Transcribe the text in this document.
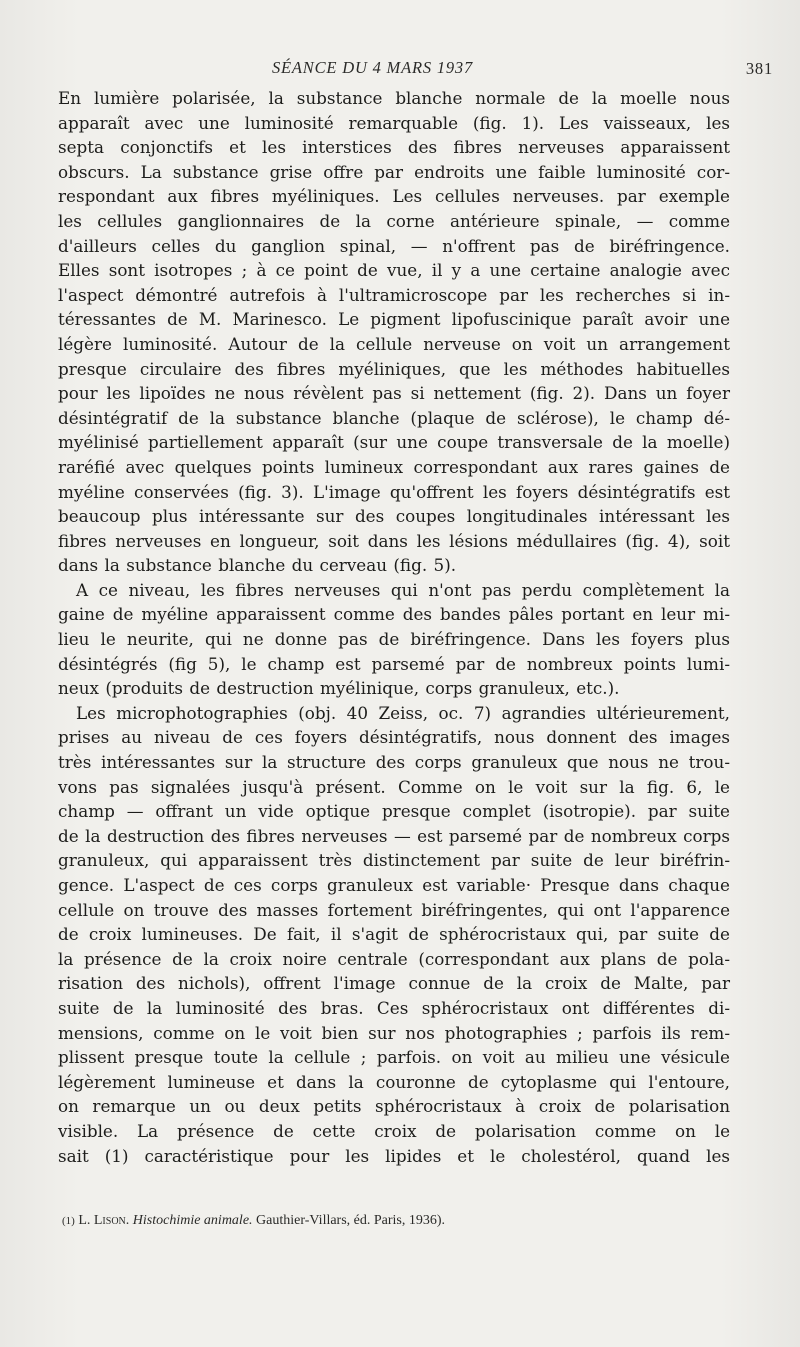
SÉANCE DU 4 MARS 1937	381
En lumière polarisée, la substance blanche normale de la moelle nous
apparaît avec une luminosité remarquable (fig. 1). Les vaisseaux, les
septa conjonctifs et les interstices des fibres nerveuses apparaissent
obscurs. La substance grise offre par endroits une faible luminosité cor-
respondant aux fibres myéliniques. Les cellules nerveuses. par exemple
les cellules ganglionnaires de la corne antérieure spinale, — comme
d'ailleurs celles du ganglion spinal, — n'offrent pas de biréfringence.
Elles sont isotropes ; à ce point de vue, il y a une certaine analogie avec
l'aspect démontré autrefois à l'ultramicroscope par les recherches si in-
téressantes de M. Marinesco. Le pigment lipofuscinique paraît avoir une
légère luminosité. Autour de la cellule nerveuse on voit un arrangement
presque circulaire des fibres myéliniques, que les méthodes habituelles
pour les lipoïdes ne nous révèlent pas si nettement (fig. 2). Dans un foyer
désintégratif de la substance blanche (plaque de sclérose), le champ dé-
myélinisé partiellement apparaît (sur une coupe transversale de la moelle)
raréfié avec quelques points lumineux correspondant aux rares gaines de
myéline conservées (fig. 3). L'image qu'offrent les foyers désintégratifs est
beaucoup plus intéressante sur des coupes longitudinales intéressant les
fibres nerveuses en longueur, soit dans les lésions médullaires (fig. 4), soit
dans la substance blanche du cerveau (fig. 5).
A ce niveau, les fibres nerveuses qui n'ont pas perdu complètement la
gaine de myéline apparaissent comme des bandes pâles portant en leur mi-
lieu le neurite, qui ne donne pas de biréfringence. Dans les foyers plus
désintégrés (fig 5), le champ est parsemé par de nombreux points lumi-
neux (produits de destruction myélinique, corps granuleux, etc.).
Les microphotographies (obj. 40 Zeiss, oc. 7) agrandies ultérieurement,
prises au niveau de ces foyers désintégratifs, nous donnent des images
très intéressantes sur la structure des corps granuleux que nous ne trou-
vons pas signalées jusqu'à présent. Comme on le voit sur la fig. 6, le
champ — offrant un vide optique presque complet (isotropie). par suite
de la destruction des fibres nerveuses — est parsemé par de nombreux corps
granuleux, qui apparaissent très distinctement par suite de leur biréfrin-
gence. L'aspect de ces corps granuleux est variable· Presque dans chaque
cellule on trouve des masses fortement biréfringentes, qui ont l'apparence
de croix lumineuses. De fait, il s'agit de sphérocristaux qui, par suite de
la présence de la croix noire centrale (correspondant aux plans de pola-
risation des nichols), offrent l'image connue de la croix de Malte, par
suite de la luminosité des bras. Ces sphérocristaux ont différentes di-
mensions, comme on le voit bien sur nos photographies ; parfois ils rem-
plissent presque toute la cellule ; parfois. on voit au milieu une vésicule
légèrement lumineuse et dans la couronne de cytoplasme qui l'entoure,
on remarque un ou deux petits sphérocristaux à croix de polarisation
visible. La présence de cette croix de polarisation comme on le
sait (1) caractéristique pour les lipides et le cholestérol, quand les
$^{(1)}$ L. Lison. Histochimie animale. Gauthier-Villars, éd. Paris, 1936).
